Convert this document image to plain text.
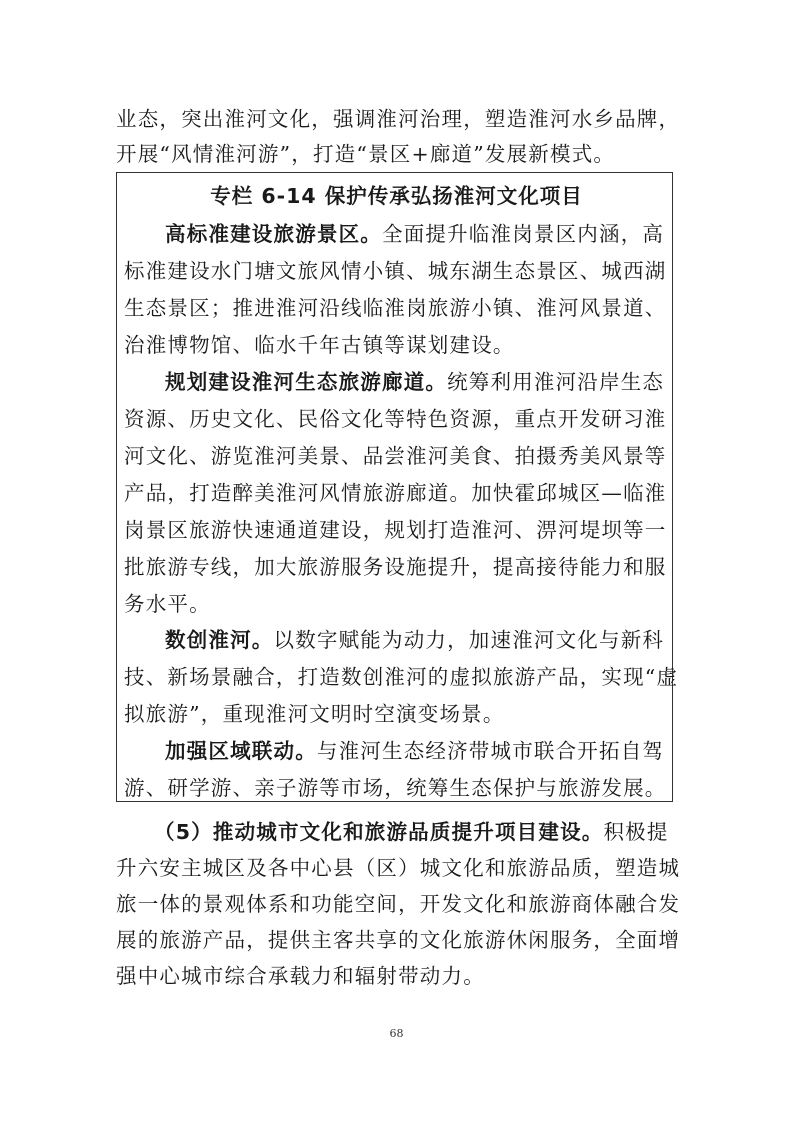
业态，突出淮河文化，强调淮河治理，塑造淮河水乡品牌，
开展“风情淮河游”，打造“景区+廊道”发展新模式。
专栏 6-14 保护传承弘扬淮河文化项目
高标准建设旅游景区。全面提升临淮岗景区内涵，高
标准建设水门塘文旅风情小镇、城东湖生态景区、城西湖
生态景区；推进淮河沿线临淮岗旅游小镇、淮河风景道、
治淮博物馆、临水千年古镇等谋划建设。
规划建设淮河生态旅游廊道。统筹利用淮河沿岸生态
资源、历史文化、民俗文化等特色资源，重点开发研习淮
河文化、游览淮河美景、品尝淮河美食、拍摄秀美风景等
产品，打造醉美淮河风情旅游廊道。加快霍邱城区—临淮
岗景区旅游快速通道建设，规划打造淮河、淠河堤坝等一
批旅游专线，加大旅游服务设施提升，提高接待能力和服
务水平。
数创淮河。以数字赋能为动力，加速淮河文化与新科
技、新场景融合，打造数创淮河的虚拟旅游产品，实现“虚
拟旅游”，重现淮河文明时空演变场景。
加强区域联动。与淮河生态经济带城市联合开拓自驾
游、研学游、亲子游等市场，统筹生态保护与旅游发展。
（5）推动城市文化和旅游品质提升项目建设。积极提
升六安主城区及各中心县（区）城文化和旅游品质，塑造城
旅一体的景观体系和功能空间，开发文化和旅游商体融合发
展的旅游产品，提供主客共享的文化旅游休闲服务，全面增
强中心城市综合承载力和辐射带动力。
68
